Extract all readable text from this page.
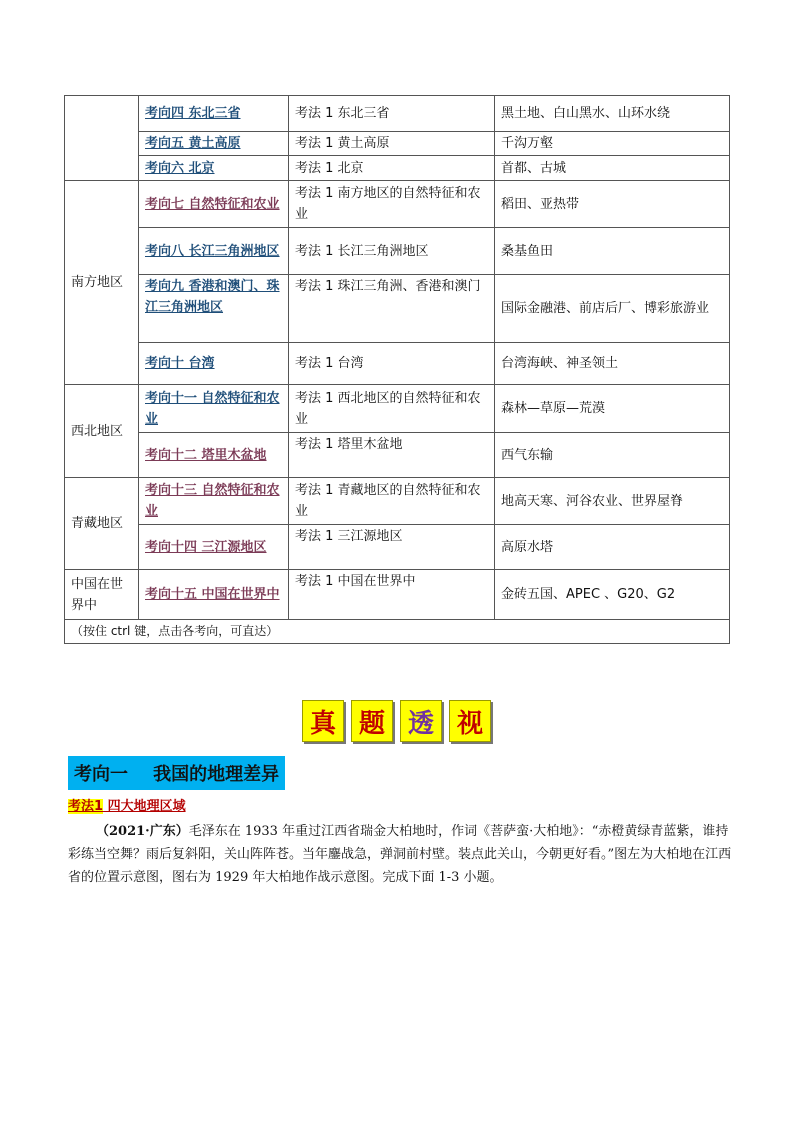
	考向四 东北三省	考法 1 东北三省	黑土地、白山黑水、山环水绕
	考向五 黄土高原	考法 1 黄土高原	千沟万壑
	考向六 北京	考法 1 北京	首都、古城
南方地区	考向七 自然特征和农业	考法 1 南方地区的自然特征和农业	稻田、亚热带
	考向八 长江三角洲地区	考法 1 长江三角洲地区	桑基鱼田
	考向九 香港和澳门、珠江三角洲地区	考法 1 珠江三角洲、香港和澳门	国际金融港、前店后厂、博彩旅游业
	考向十 台湾	考法 1 台湾	台湾海峡、神圣领土
西北地区	考向十一 自然特征和农业	考法 1 西北地区的自然特征和农业	森林—草原—荒漠
	考向十二 塔里木盆地	考法 1 塔里木盆地	西气东输
青藏地区	考向十三 自然特征和农业	考法 1 青藏地区的自然特征和农业	地高天寒、河谷农业、世界屋脊
	考向十四 三江源地区	考法 1 三江源地区	高原水塔
中国在世界中	考向十五 中国在世界中	考法 1 中国在世界中	金砖五国、APEC 、G20、G2
（按住 ctrl 键，点击各考向，可直达）			
真 题 透 视
考向一    我国的地理差异
考法1 四大地理区域
（2021·广东）毛泽东在 1933 年重过江西省瑞金大柏地时，作词《菩萨蛮·大柏地》：“赤橙黄绿青蓝紫，谁持彩练当空舞？雨后复斜阳，关山阵阵苍。当年鏖战急，弹洞前村壁。装点此关山，今朝更好看。”图左为大柏地在江西省的位置示意图，图右为 1929 年大柏地作战示意图。完成下面 1-3 小题。
